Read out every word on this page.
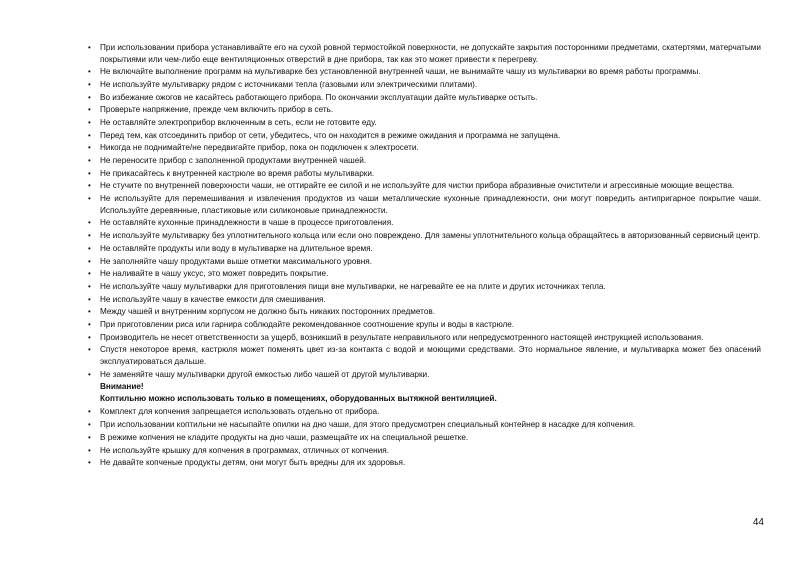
• При использовании прибора устанавливайте его на сухой ровной термостойкой поверхности, не допускайте закрытия посторонними предметами, скатертями, матерчатыми покрытиями или чем-либо еще вентиляционных отверстий в дне прибора, так как это может привести к перегреву.
• Не включайте выполнение программ на мультиварке без установленной внутренней чаши, не вынимайте чашу из мультиварки во время работы программы.
• Не используйте мультиварку рядом с источниками тепла (газовыми или электрическими плитами).
• Во избежание ожогов не касайтесь работающего прибора. По окончании эксплуатации дайте мультиварке остыть.
• Проверьте напряжение, прежде чем включить прибор в сеть.
• Не оставляйте электроприбор включенным в сеть, если не готовите еду.
• Перед тем, как отсоединить прибор от сети, убедитесь, что он находится в режиме ожидания и программа не запущена.
• Никогда не поднимайте/не передвигайте прибор, пока он подключен к электросети.
• Не переносите прибор с заполненной продуктами внутренней чашей.
• Не прикасайтесь к внутренней кастрюле во время работы мультиварки.
• Не стучите по внутренней поверхности чаши, не оттирайте ее силой и не используйте для чистки прибора абразивные очистители и агрессивные моющие вещества.
• Не используйте для перемешивания и извлечения продуктов из чаши металлические кухонные принадлежности, они могут повредить антипригарное покрытие чаши. Используйте деревянные, пластиковые или силиконовые принадлежности.
• Не оставляйте кухонные принадлежности в чаше в процессе приготовления.
• Не используйте мультиварку без уплотнительного кольца или если оно повреждено. Для замены уплотнительного кольца обращайтесь в авторизованный сервисный центр.
• Не оставляйте продукты или воду в мультиварке на длительное время.
• Не заполняйте чашу продуктами выше отметки максимального уровня.
• Не наливайте в чашу уксус, это может повредить покрытие.
• Не используйте чашу мультиварки для приготовления пищи вне мультиварки, не нагревайте ее на плите и других источниках тепла.
• Не используйте чашу в качестве емкости для смешивания.
• Между чашей и внутренним корпусом не должно быть никаких посторонних предметов.
• При приготовлении риса или гарнира соблюдайте рекомендованное соотношение крупы и воды в кастрюле.
• Производитель не несет ответственности за ущерб, возникший в результате неправильного или непредусмотренного настоящей инструкцией использования.
• Спустя некоторое время, кастрюля может поменять цвет из-за контакта с водой и моющими средствами. Это нормальное явление, и мультиварка может без опасений эксплуатироваться дальше.
• Не заменяйте чашу мультиварки другой емкостью либо чашей от другой мультиварки.

Внимание!

Коптильню можно использовать только в помещениях, оборудованных вытяжной вентиляцией.

• Комплект для копчения запрещается использовать отдельно от прибора.
• При использовании коптильни не насыпайте опилки на дно чаши, для этого предусмотрен специальный контейнер в насадке для копчения.
• В режиме копчения не кладите продукты на дно чаши, размещайте их на специальной решетке.
• Не используйте крышку для копчения в программах, отличных от копчения.
• Не давайте копченые продукты детям, они могут быть вредны для их здоровья.
44
